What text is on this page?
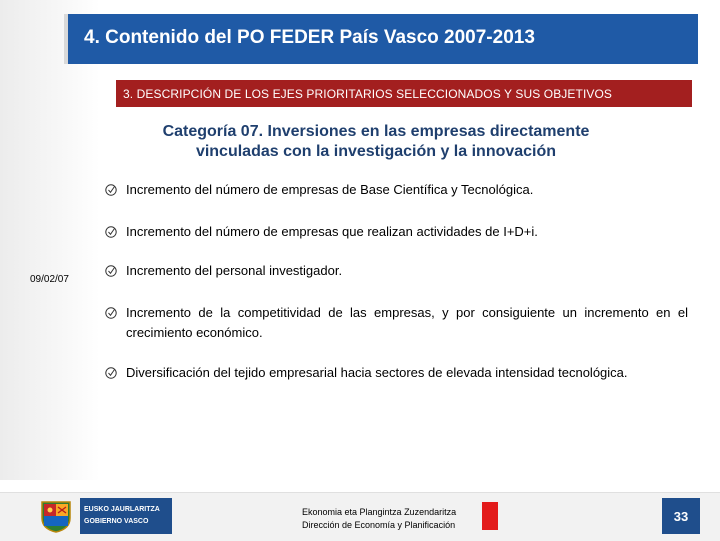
4. Contenido del PO FEDER País Vasco 2007-2013
3. DESCRIPCIÓN DE LOS EJES PRIORITARIOS SELECCIONADOS Y SUS OBJETIVOS
Categoría 07. Inversiones en las empresas directamente
vinculadas con la investigación y la innovación
09/02/07
Incremento del número de empresas de Base Científica y Tecnológica.
Incremento del número de empresas que realizan actividades de I+D+i.
Incremento del personal investigador.
Incremento de la competitividad de las empresas, y por consiguiente un incremento en el crecimiento económico.
Diversificación del tejido empresarial hacia sectores de elevada intensidad tecnológica.
EUSKO JAURLARITZA
GOBIERNO VASCO
Ekonomia eta Plangintza Zuzendaritza
Dirección de Economía y Planificación
33
